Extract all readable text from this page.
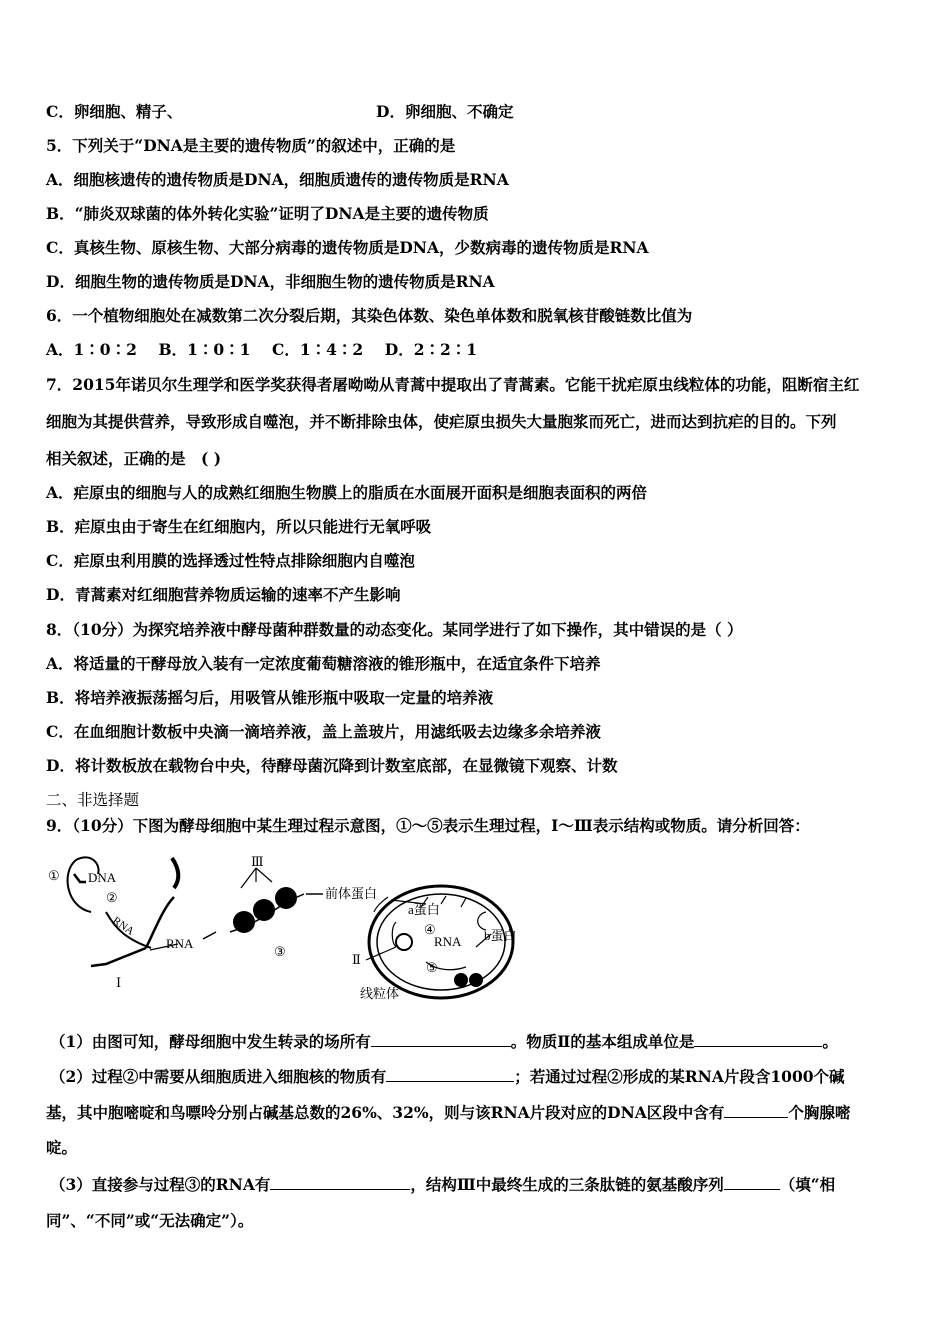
C．卵细胞、精子、	D．卵细胞、不确定
5．下列关于“DNA是主要的遗传物质”的叙述中，正确的是
A．细胞核遗传的遗传物质是DNA，细胞质遗传的遗传物质是RNA
B．“肺炎双球菌的体外转化实验”证明了DNA是主要的遗传物质
C．真核生物、原核生物、大部分病毒的遗传物质是DNA，少数病毒的遗传物质是RNA
D．细胞生物的遗传物质是DNA，非细胞生物的遗传物质是RNA
6．一个植物细胞处在减数第二次分裂后期，其染色体数、染色单体数和脱氧核苷酸链数比值为
A．1∶0∶2    B．1∶0∶1    C．1∶4∶2    D．2∶2∶1
7．2015年诺贝尔生理学和医学奖获得者屠呦呦从青蒿中提取出了青蒿素。它能干扰疟原虫线粒体的功能，阻断宿主红
细胞为其提供营养，导致形成自噬泡，并不断排除虫体，使疟原虫损失大量胞浆而死亡，进而达到抗疟的目的。下列
相关叙述，正确的是　( )
A．疟原虫的细胞与人的成熟红细胞生物膜上的脂质在水面展开面积是细胞表面积的两倍
B．疟原虫由于寄生在红细胞内，所以只能进行无氧呼吸
C．疟原虫利用膜的选择透过性特点排除细胞内自噬泡
D．青蒿素对红细胞营养物质运输的速率不产生影响
8．（10分）为探究培养液中酵母菌种群数量的动态变化。某同学进行了如下操作，其中错误的是（ ）
A．将适量的干酵母放入装有一定浓度葡萄糖溶液的锥形瓶中，在适宜条件下培养
B．将培养液振荡摇匀后，用吸管从锥形瓶中吸取一定量的培养液
C．在血细胞计数板中央滴一滴培养液，盖上盖玻片，用滤纸吸去边缘多余培养液
D．将计数板放在载物台中央，待酵母菌沉降到计数室底部，在显微镜下观察、计数
二、非选择题
9．（10分）下图为酵母细胞中某生理过程示意图，①～⑤表示生理过程，Ⅰ～Ⅲ表示结构或物质。请分析回答：
① DNA
②
RNA
Ⅰ
RNA
Ⅲ
③
前体蛋白
a蛋白
④
RNA b蛋白
⑤
Ⅱ
线粒体
（1）由图可知，酵母细胞中发生转录的场所有	。物质Ⅱ的基本组成单位是	。
（2）过程②中需要从细胞质进入细胞核的物质有	；若通过过程②形成的某RNA片段含1000个碱
基，其中胞嘧啶和鸟嘌呤分别占碱基总数的26%、32%，则与该RNA片段对应的DNA区段中含有	个胸腺嘧
啶。
（3）直接参与过程③的RNA有	，结构Ⅲ中最终生成的三条肽链的氨基酸序列	（填“相
同”、“不同”或“无法确定”）。
